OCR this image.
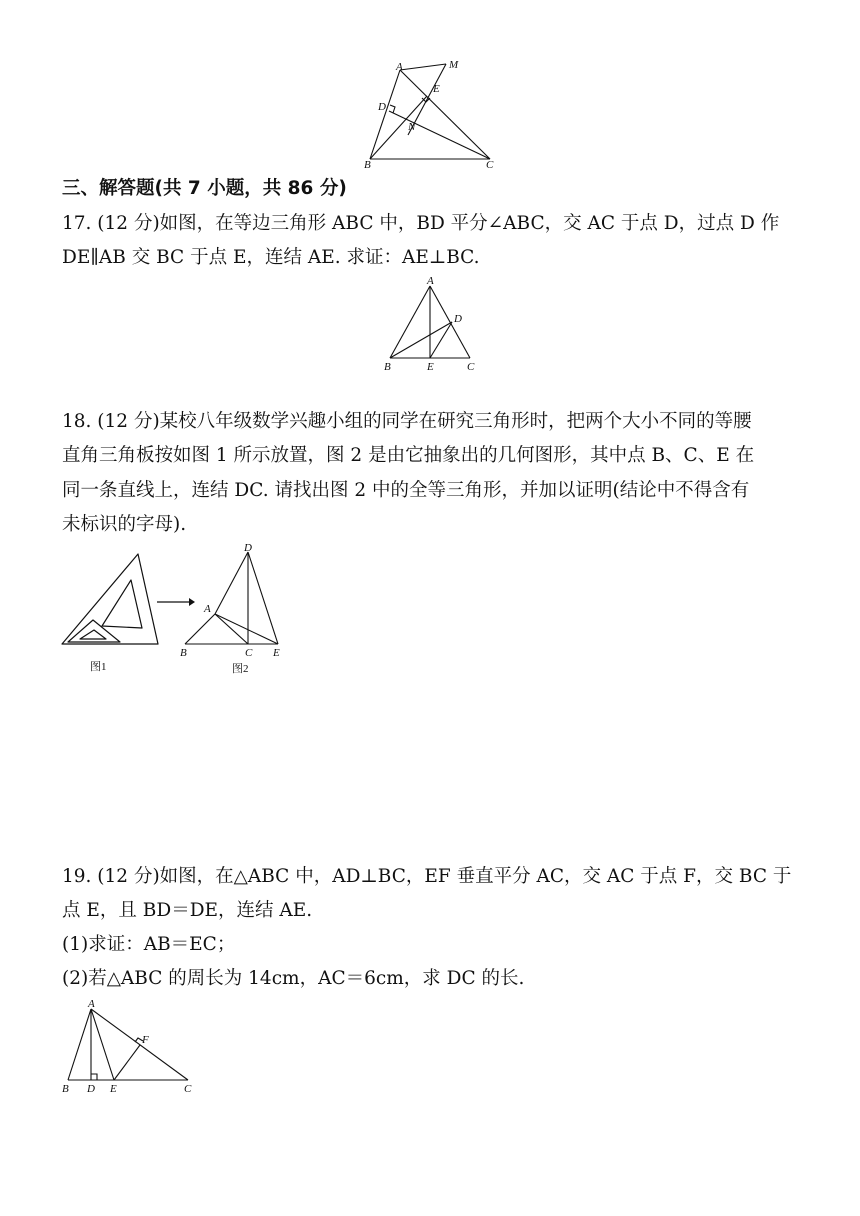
A	M
E
D
N
B	C
三、解答题(共 7 小题，共 86 分)
17. (12 分)如图，在等边三角形 ABC 中，BD 平分∠ABC，交 AC 于点 D，过点 D 作
DE∥AB 交 BC 于点 E，连结 AE. 求证：AE⊥BC.
A
D
B	E	C
18. (12 分)某校八年级数学兴趣小组的同学在研究三角形时，把两个大小不同的等腰
直角三角板按如图 1 所示放置，图 2 是由它抽象出的几何图形，其中点 B、C、E 在
同一条直线上，连结 DC. 请找出图 2 中的全等三角形，并加以证明(结论中不得含有
未标识的字母).
图1
D
A
B	C E
图2
19. (12 分)如图，在△ABC 中，AD⊥BC，EF 垂直平分 AC，交 AC 于点 F，交 BC 于
点 E，且 BD＝DE，连结 AE.
(1)求证：AB＝EC；
(2)若△ABC 的周长为 14cm，AC＝6cm，求 DC 的长.
A
F
B D E	C
